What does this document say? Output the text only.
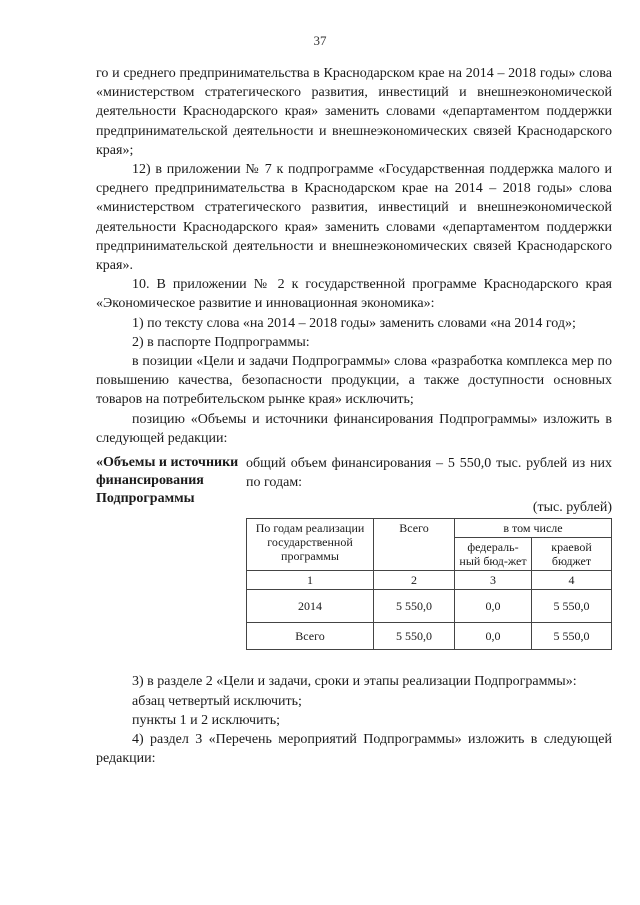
37

го и среднего предпринимательства в Краснодарском крае на 2014 – 2018 годы» слова «министерством стратегического развития, инвестиций и внешнеэкономической деятельности Краснодарского края» заменить словами «департаментом поддержки предпринимательской деятельности и внешнеэкономических связей Краснодарского края»;

12) в приложении № 7 к подпрограмме «Государственная поддержка малого и среднего предпринимательства в Краснодарском крае на 2014 – 2018 годы» слова «министерством стратегического развития, инвестиций и внешнеэкономической деятельности Краснодарского края» заменить словами «департаментом поддержки предпринимательской деятельности и внешнеэкономических связей Краснодарского края».

10. В приложении № 2 к государственной программе Краснодарского края «Экономическое развитие и инновационная экономика»:

1) по тексту слова «на 2014 – 2018 годы» заменить словами «на 2014 год»;

2) в паспорте Подпрограммы:

в позиции «Цели и задачи Подпрограммы» слова «разработка комплекса мер по повышению качества, безопасности продукции, а также доступности основных товаров на потребительском рынке края» исключить;

позицию «Объемы и источники финансирования Подпрограммы» изложить в следующей редакции:

«Объемы и источники финансирования Подпрограммы

общий объем финансирования – 5 550,0 тыс. рублей из них по годам:

(тыс. рублей)
По годам реализации государственной программы	Всего	в том числе	
		федераль-ный бюд-жет	краевой бюджет
1	2	3	4
2014	5 550,0	0,0	5 550,0
Всего	5 550,0	0,0	5 550,0

3) в разделе 2 «Цели и задачи, сроки и этапы реализации Подпрограммы»:

абзац четвертый исключить;

пункты 1 и 2 исключить;

4) раздел 3 «Перечень мероприятий Подпрограммы» изложить в следующей редакции:
